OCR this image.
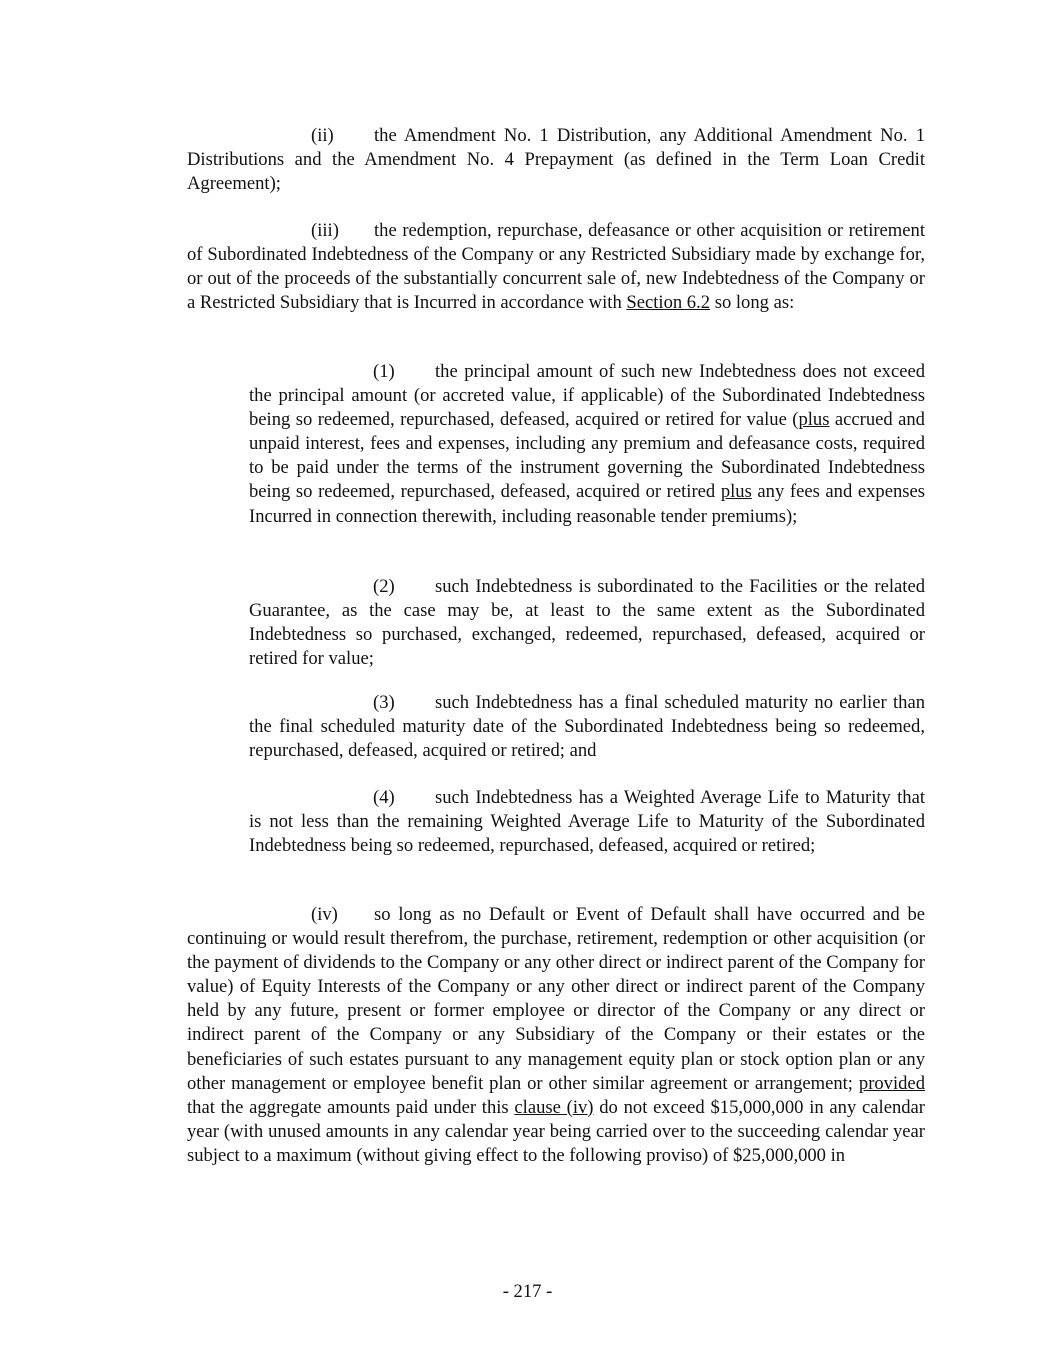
(ii) the Amendment No. 1 Distribution, any Additional Amendment No. 1 Distributions and the Amendment No. 4 Prepayment (as defined in the Term Loan Credit Agreement);

(iii) the redemption, repurchase, defeasance or other acquisition or retirement of Subordinated Indebtedness of the Company or any Restricted Subsidiary made by exchange for, or out of the proceeds of the substantially concurrent sale of, new Indebtedness of the Company or a Restricted Subsidiary that is Incurred in accordance with Section 6.2 so long as:

(1) the principal amount of such new Indebtedness does not exceed the principal amount (or accreted value, if applicable) of the Subordinated Indebtedness being so redeemed, repurchased, defeased, acquired or retired for value (plus accrued and unpaid interest, fees and expenses, including any premium and defeasance costs, required to be paid under the terms of the instrument governing the Subordinated Indebtedness being so redeemed, repurchased, defeased, acquired or retired plus any fees and expenses Incurred in connection therewith, including reasonable tender premiums);

(2) such Indebtedness is subordinated to the Facilities or the related Guarantee, as the case may be, at least to the same extent as the Subordinated Indebtedness so purchased, exchanged, redeemed, repurchased, defeased, acquired or retired for value;

(3) such Indebtedness has a final scheduled maturity no earlier than the final scheduled maturity date of the Subordinated Indebtedness being so redeemed, repurchased, defeased, acquired or retired; and

(4) such Indebtedness has a Weighted Average Life to Maturity that is not less than the remaining Weighted Average Life to Maturity of the Subordinated Indebtedness being so redeemed, repurchased, defeased, acquired or retired;

(iv) so long as no Default or Event of Default shall have occurred and be continuing or would result therefrom, the purchase, retirement, redemption or other acquisition (or the payment of dividends to the Company or any other direct or indirect parent of the Company for value) of Equity Interests of the Company or any other direct or indirect parent of the Company held by any future, present or former employee or director of the Company or any direct or indirect parent of the Company or any Subsidiary of the Company or their estates or the beneficiaries of such estates pursuant to any management equity plan or stock option plan or any other management or employee benefit plan or other similar agreement or arrangement; provided that the aggregate amounts paid under this clause (iv) do not exceed $15,000,000 in any calendar year (with unused amounts in any calendar year being carried over to the succeeding calendar year subject to a maximum (without giving effect to the following proviso) of $25,000,000 in

- 217 -
